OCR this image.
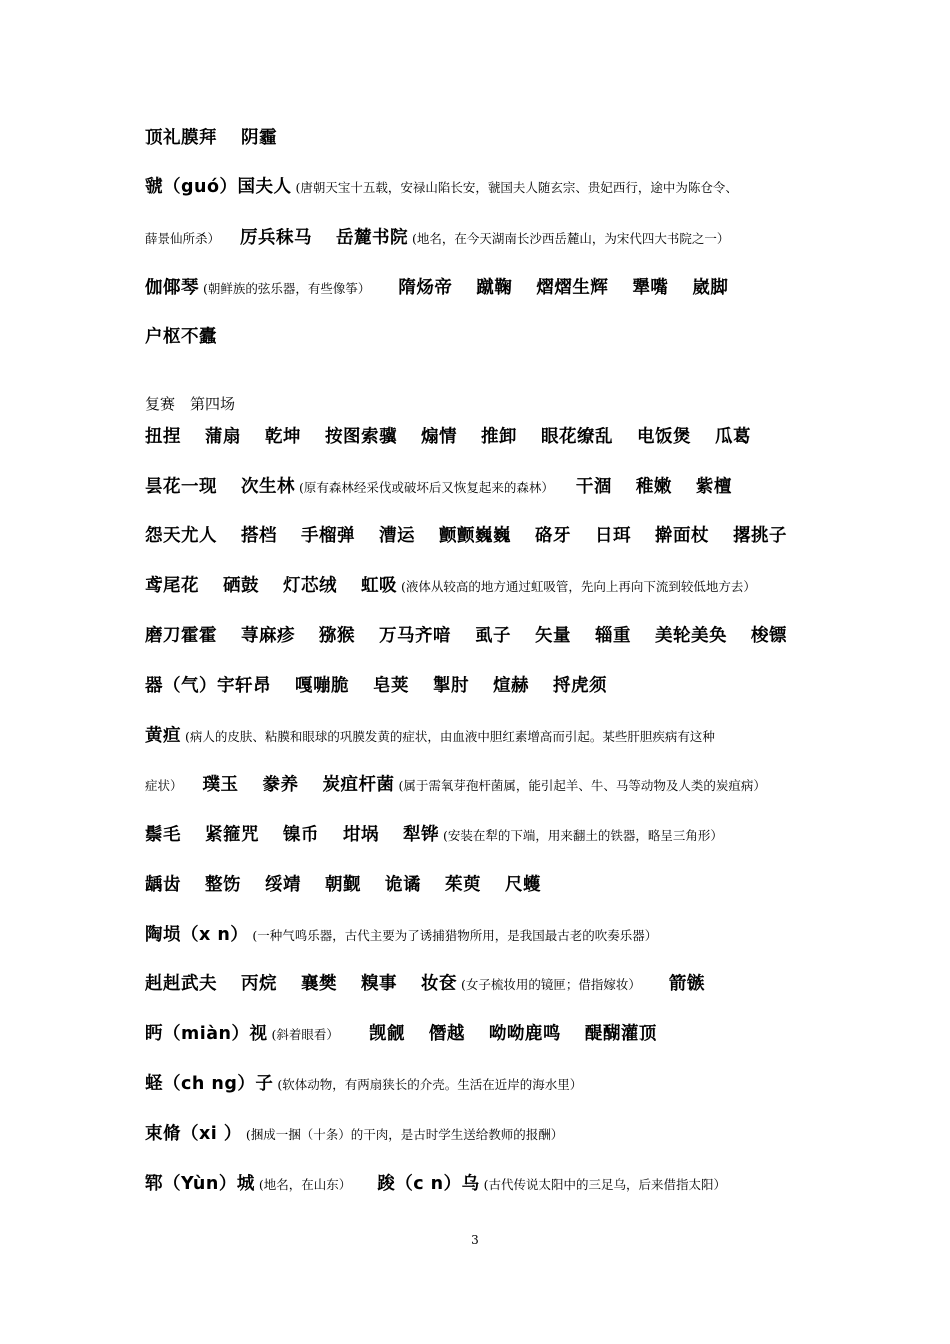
顶礼膜拜 阴霾
虢（guó）国夫人 (唐朝天宝十五载，安禄山陷长安，虢国夫人随玄宗、贵妃西行，途中为陈仓令、
薛景仙所杀） 厉兵秣马 岳麓书院 (地名，在今天湖南长沙西岳麓山，为宋代四大书院之一）
伽倻琴 (朝鲜族的弦乐器，有些像筝） 隋炀帝 蹴鞠 熠熠生辉 犟嘴 崴脚
户枢不蠹
复赛　第四场
扭捏 蒲扇 乾坤 按图索骥 煽情 推卸 眼花缭乱 电饭煲 瓜葛
昙花一现 次生林 (原有森林经采伐或破坏后又恢复起来的森林） 干涸 稚嫩 紫檀
怨天尤人 搭档 手榴弹 漕运 颤颤巍巍 硌牙 日珥 擀面杖 撂挑子
鸢尾花 硒鼓 灯芯绒 虹吸 (液体从较高的地方通过虹吸管，先向上再向下流到较低地方去）
磨刀霍霍 荨麻疹 猕猴 万马齐喑 虱子 矢量 辎重 美轮美奂 梭镖
器（气）宇轩昂 嘎嘣脆 皂荚 掣肘 煊赫 捋虎须
黄疸 (病人的皮肤、粘膜和眼球的巩膜发黄的症状，由血液中胆红素增高而引起。某些肝胆疾病有这种
症状） 璞玉 豢养 炭疽杆菌 (属于需氧芽孢杆菌属，能引起羊、牛、马等动物及人类的炭疽病）
鬃毛 紧箍咒 镍币 坩埚 犁铧 (安装在犁的下端，用来翻土的铁器，略呈三角形）
龋齿 整饬 绥靖 朝觐 诡谲 茱萸 尺蠖
陶埙（x n） (一种气鸣乐器，古代主要为了诱捕猎物所用，是我国最古老的吹奏乐器）
赳赳武夫 丙烷 襄樊 糗事 妆奁 (女子梳妆用的镜匣；借指嫁妆） 箭镞
眄（miàn）视 (斜着眼看） 觊觎 僭越 呦呦鹿鸣 醍醐灌顶
蛏（ch ng）子 (软体动物，有两扇狭长的介壳。生活在近岸的海水里）
束脩（xi ） (捆成一捆（十条）的干肉，是古时学生送给教师的报酬）
郓（Yùn）城 (地名，在山东） 踆（c n）乌 (古代传说太阳中的三足乌，后来借指太阳）
3
